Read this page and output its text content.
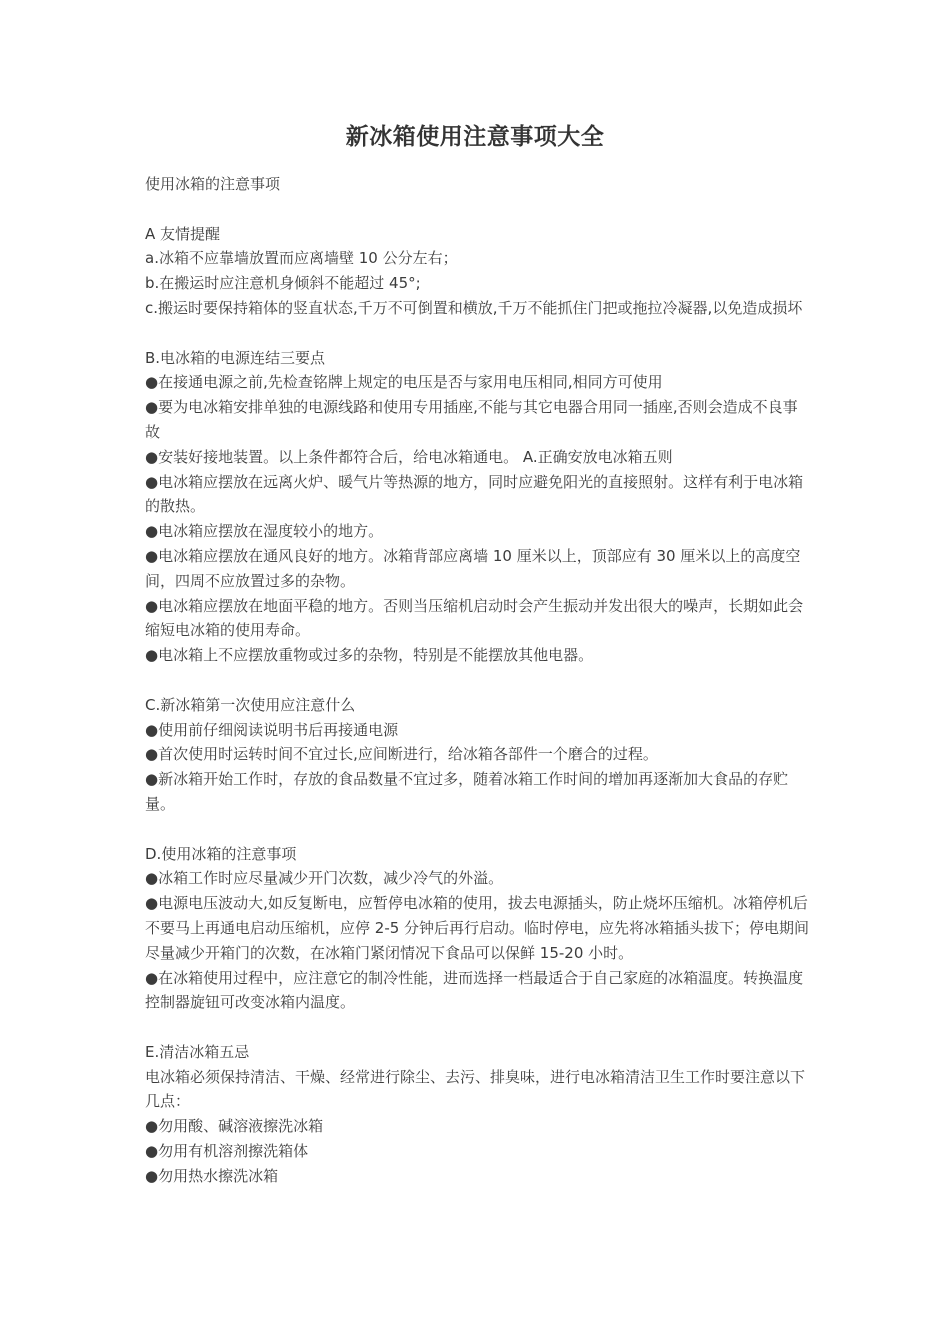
新冰箱使用注意事项大全
使用冰箱的注意事项
A 友情提醒
a.冰箱不应靠墙放置而应离墙壁 10 公分左右；
b.在搬运时应注意机身倾斜不能超过 45°;
c.搬运时要保持箱体的竖直状态,千万不可倒置和横放,千万不能抓住门把或拖拉冷凝器,以免造成损坏
B.电冰箱的电源连结三要点
●在接通电源之前,先检查铭牌上规定的电压是否与家用电压相同,相同方可使用
●要为电冰箱安排单独的电源线路和使用专用插座,不能与其它电器合用同一插座,否则会造成不良事故
●安装好接地装置。以上条件都符合后，给电冰箱通电。 A.正确安放电冰箱五则
●电冰箱应摆放在远离火炉、暖气片等热源的地方，同时应避免阳光的直接照射。这样有利于电冰箱的散热。
●电冰箱应摆放在湿度较小的地方。
●电冰箱应摆放在通风良好的地方。冰箱背部应离墙 10 厘米以上，顶部应有 30 厘米以上的高度空间，四周不应放置过多的杂物。
●电冰箱应摆放在地面平稳的地方。否则当压缩机启动时会产生振动并发出很大的噪声，长期如此会缩短电冰箱的使用寿命。
●电冰箱上不应摆放重物或过多的杂物，特别是不能摆放其他电器。
C.新冰箱第一次使用应注意什么
●使用前仔细阅读说明书后再接通电源
●首次使用时运转时间不宜过长,应间断进行，给冰箱各部件一个磨合的过程。
●新冰箱开始工作时，存放的食品数量不宜过多，随着冰箱工作时间的增加再逐渐加大食品的存贮量。
D.使用冰箱的注意事项
●冰箱工作时应尽量减少开门次数，减少冷气的外溢。
●电源电压波动大,如反复断电，应暂停电冰箱的使用，拔去电源插头，防止烧坏压缩机。冰箱停机后不要马上再通电启动压缩机，应停 2-5 分钟后再行启动。临时停电，应先将冰箱插头拔下；停电期间尽量减少开箱门的次数，在冰箱门紧闭情况下食品可以保鲜 15-20 小时。
●在冰箱使用过程中，应注意它的制冷性能，进而选择一档最适合于自己家庭的冰箱温度。转换温度控制器旋钮可改变冰箱内温度。
E.清洁冰箱五忌
电冰箱必须保持清洁、干燥、经常进行除尘、去污、排臭味，进行电冰箱清洁卫生工作时要注意以下几点：
●勿用酸、碱溶液擦洗冰箱
●勿用有机溶剂擦洗箱体
●勿用热水擦洗冰箱
